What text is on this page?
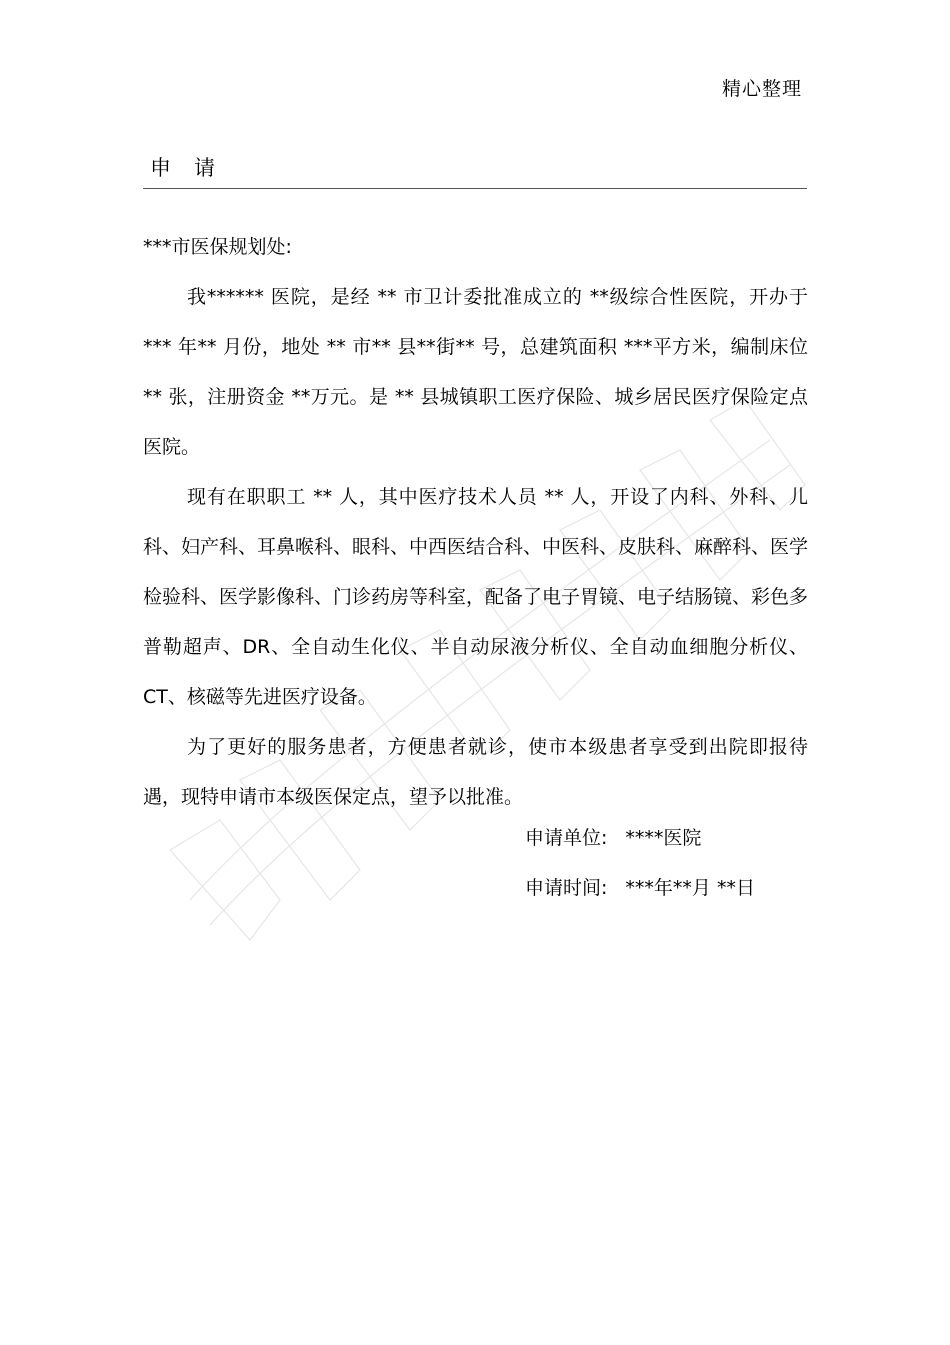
精心整理
申　请

***市医保规划处:

我****** 医院，是经 ** 市卫计委批准成立的 **级综合性医院，开办于*** 年** 月份，地处 ** 市** 县**街** 号，总建筑面积 ***平方米，编制床位** 张，注册资金 **万元。是 ** 县城镇职工医疗保险、城乡居民医疗保险定点医院。

现有在职职工 ** 人，其中医疗技术人员 ** 人，开设了内科、外科、儿科、妇产科、耳鼻喉科、眼科、中西医结合科、中医科、皮肤科、麻醉科、医学检验科、医学影像科、门诊药房等科室，配备了电子胃镜、电子结肠镜、彩色多普勒超声、DR、全自动生化仪、半自动尿液分析仪、全自动血细胞分析仪、CT、核磁等先进医疗设备。

为了更好的服务患者，方便患者就诊，使市本级患者享受到出院即报待遇，现特申请市本级医保定点，望予以批准。

申请单位: ****医院
申请时间: ***年**月 **日
